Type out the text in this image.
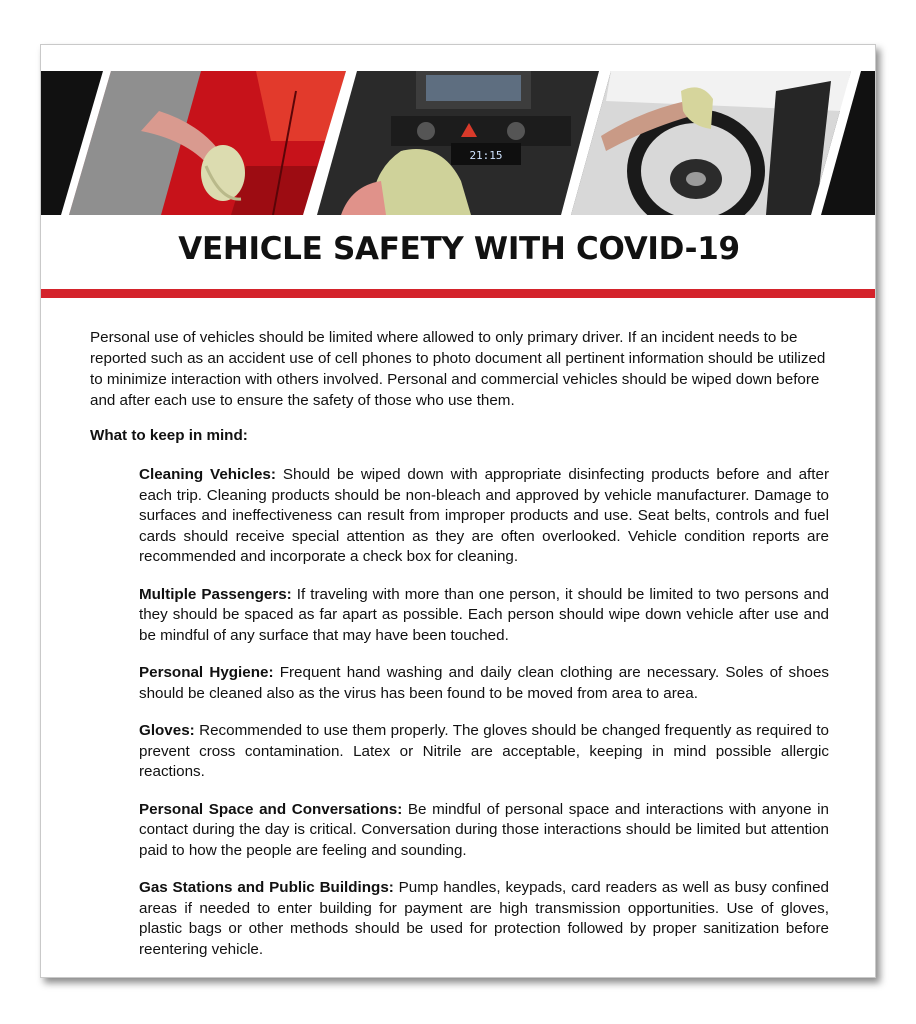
21:15
VEHICLE SAFETY WITH COVID-19

Personal use of vehicles should be limited where allowed to only primary driver. If an incident needs to be reported such as an accident use of cell phones to photo document all pertinent information should be utilized to minimize interaction with others involved. Personal and commercial vehicles should be wiped down before and after each use to ensure the safety of those who use them.

What to keep in mind:

Cleaning Vehicles: Should be wiped down with appropriate disinfecting products before and after each trip. Cleaning products should be non-bleach and approved by vehicle manufacturer. Damage to surfaces and ineffectiveness can result from improper products and use. Seat belts, controls and fuel cards should receive special attention as they are often overlooked. Vehicle condition reports are recommended and incorporate a check box for cleaning.

Multiple Passengers: If traveling with more than one person, it should be limited to two persons and they should be spaced as far apart as possible. Each person should wipe down vehicle after use and be mindful of any surface that may have been touched.

Personal Hygiene: Frequent hand washing and daily clean clothing are necessary. Soles of shoes should be cleaned also as the virus has been found to be moved from area to area.

Gloves: Recommended to use them properly. The gloves should be changed frequently as required to prevent cross contamination. Latex or Nitrile are acceptable, keeping in mind possible allergic reactions.

Personal Space and Conversations: Be mindful of personal space and interactions with anyone in contact during the day is critical. Conversation during those interactions should be limited but attention paid to how the people are feeling and sounding.

Gas Stations and Public Buildings: Pump handles, keypads, card readers as well as busy confined areas if needed to enter building for payment are high transmission opportunities. Use of gloves, plastic bags or other methods should be used for protection followed by proper sanitization before reentering vehicle.
